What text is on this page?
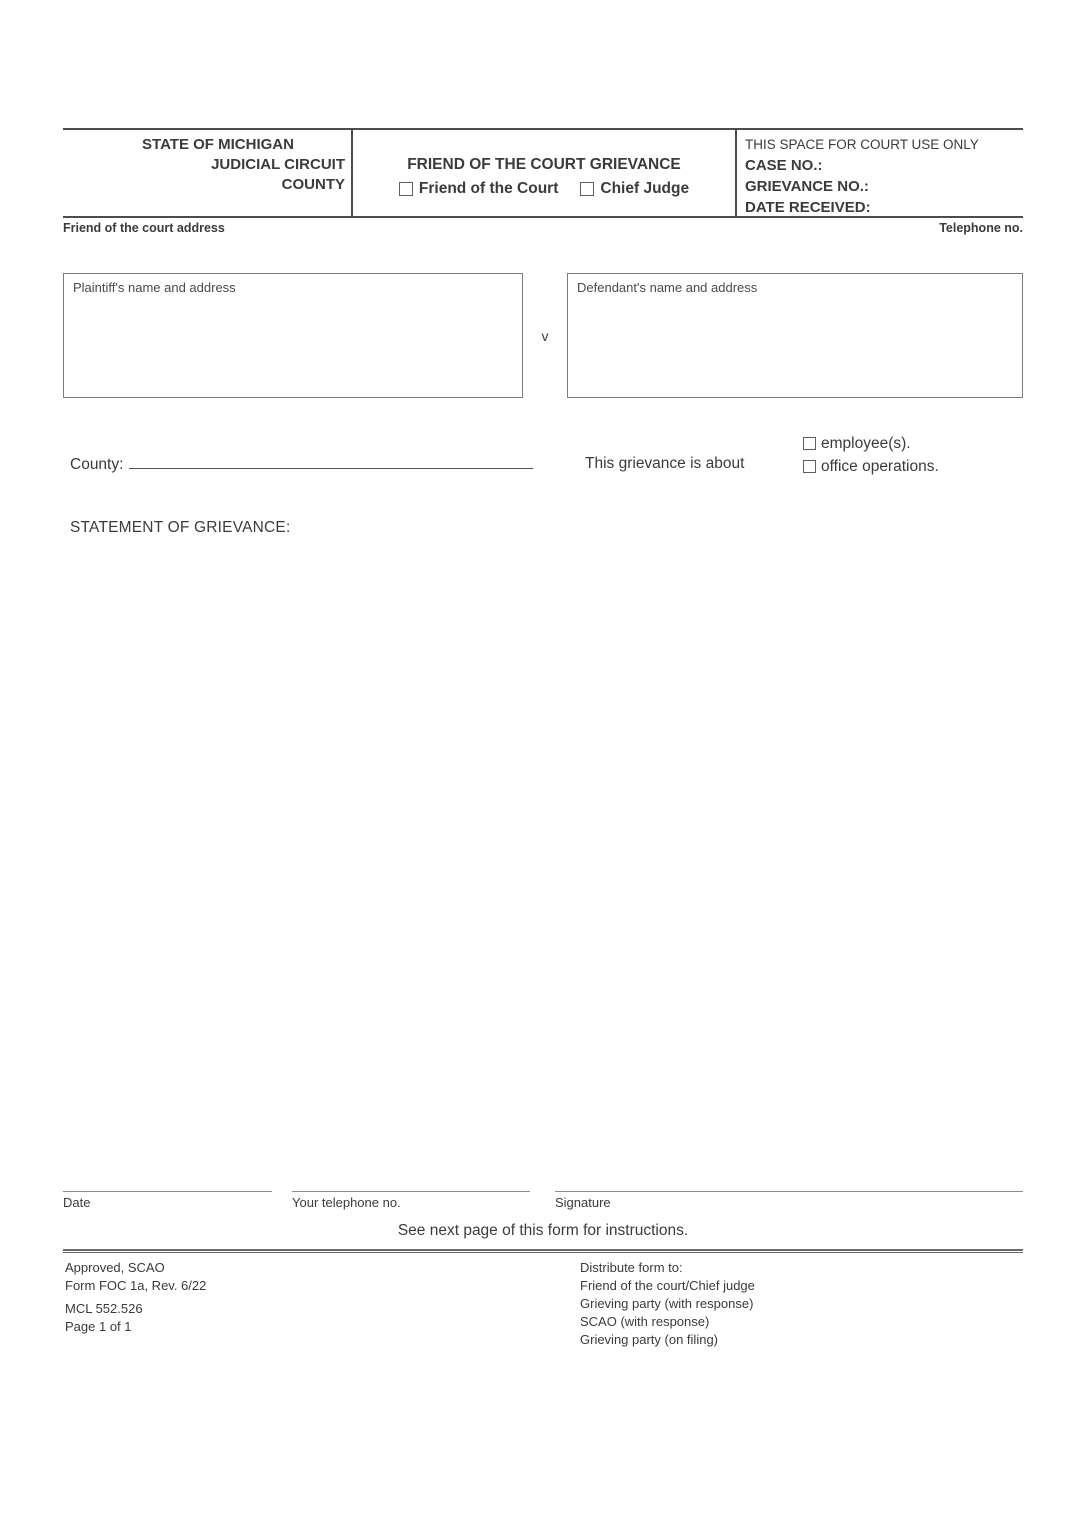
STATE OF MICHIGAN
JUDICIAL CIRCUIT
COUNTY
FRIEND OF THE COURT GRIEVANCE
Friend of the Court	Chief Judge
THIS SPACE FOR COURT USE ONLY
CASE NO.:
GRIEVANCE NO.:
DATE RECEIVED:
Friend of the court address	Telephone no.
Plaintiff's name and address
v
Defendant's name and address
County:	This grievance is about
employee(s).
office operations.
STATEMENT OF GRIEVANCE:
Date	Your telephone no.	Signature
See next page of this form for instructions.
Approved, SCAO
Form FOC 1a, Rev. 6/22
MCL 552.526
Page 1 of 1
Distribute form to:
Friend of the court/Chief judge
Grieving party (with response)
SCAO (with response)
Grieving party (on filing)
